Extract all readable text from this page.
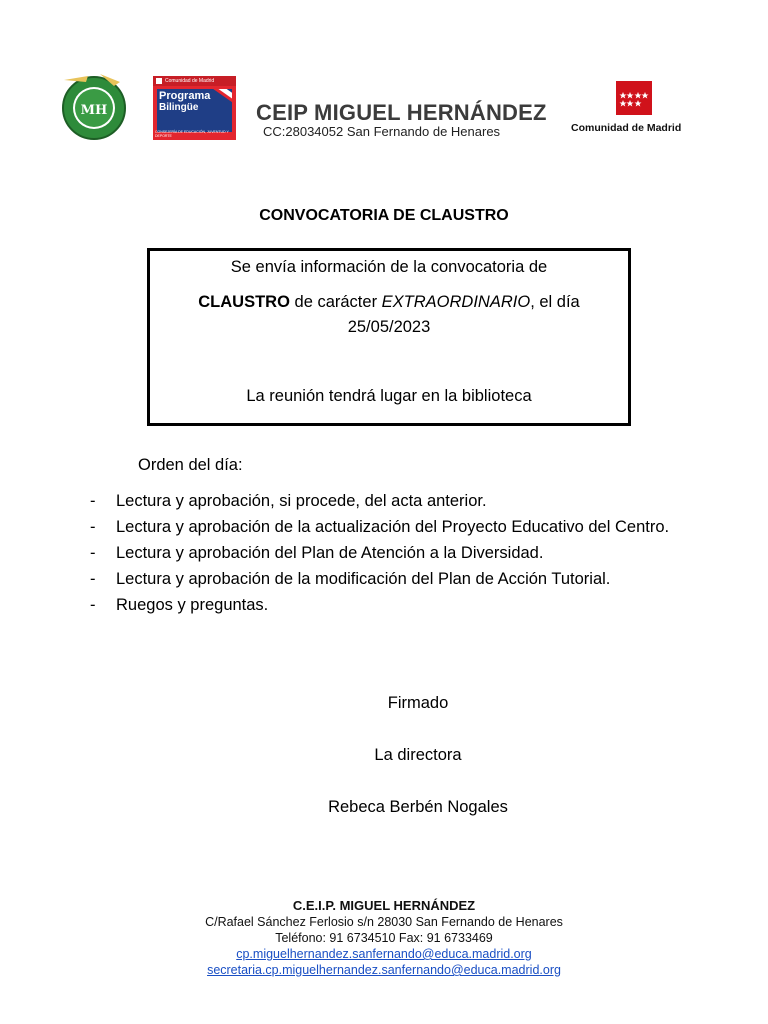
MH
Comunidad de Madrid
Programa
Bilingüe
CONSEJERÍA DE EDUCACIÓN, JUVENTUD Y DEPORTE
CEIP MIGUEL HERNÁNDEZ
CC:28034052 San Fernando de Henares	Comunidad de Madrid
CONVOCATORIA DE CLAUSTRO
Se envía información de la convocatoria de
CLAUSTRO de carácter EXTRAORDINARIO, el día
25/05/2023
La reunión tendrá lugar en la biblioteca
Orden del día:
- Lectura y aprobación, si procede, del acta anterior.
- Lectura y aprobación de la actualización del Proyecto Educativo del Centro.
- Lectura y aprobación del Plan de Atención a la Diversidad.
- Lectura y aprobación de la modificación del Plan de Acción Tutorial.
- Ruegos y preguntas.
Firmado
La directora
Rebeca Berbén Nogales
C.E.I.P. MIGUEL HERNÁNDEZ
C/Rafael Sánchez Ferlosio s/n 28030 San Fernando de Henares
Teléfono: 91 6734510 Fax: 91 6733469
cp.miguelhernandez.sanfernando@educa.madrid.org
secretaria.cp.miguelhernandez.sanfernando@educa.madrid.org
